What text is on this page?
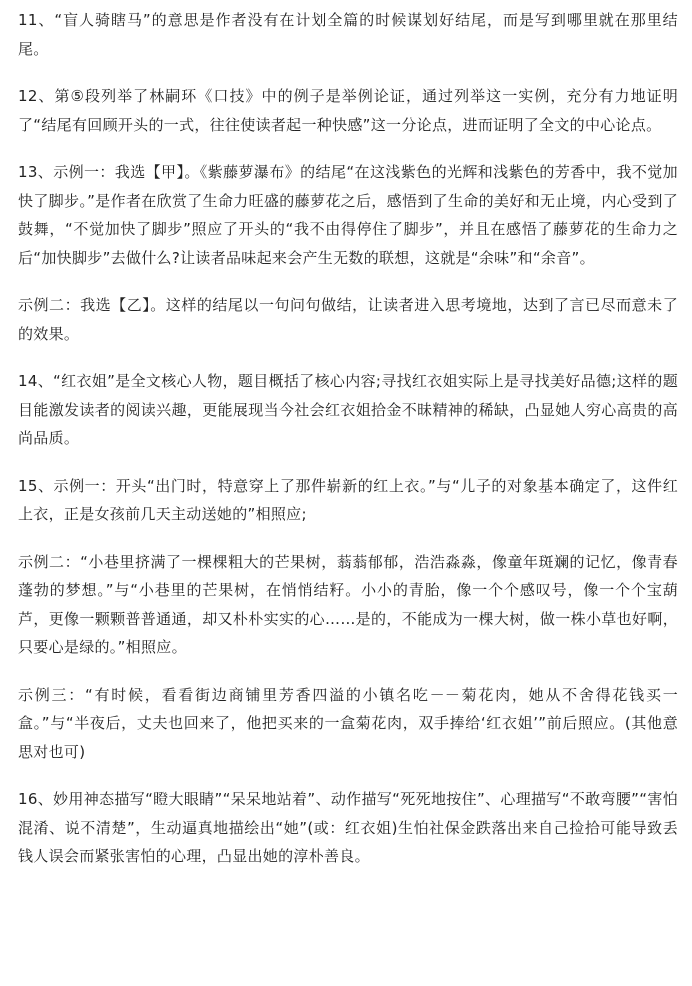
11、“盲人骑瞎马”的意思是作者没有在计划全篇的时候谋划好结尾，而是写到哪里就在那里结尾。

12、第⑤段列举了林嗣环《口技》中的例子是举例论证，通过列举这一实例，充分有力地证明了“结尾有回顾开头的一式，往往使读者起一种快感”这一分论点，进而证明了全文的中心论点。

13、示例一：我选【甲】。《紫藤萝瀑布》的结尾“在这浅紫色的光辉和浅紫色的芳香中，我不觉加快了脚步。”是作者在欣赏了生命力旺盛的藤萝花之后，感悟到了生命的美好和无止境，内心受到了鼓舞，“不觉加快了脚步”照应了开头的“我不由得停住了脚步”，并且在感悟了藤萝花的生命力之后“加快脚步”去做什么?让读者品味起来会产生无数的联想，这就是“余味”和“余音”。

示例二：我选【乙】。这样的结尾以一句问句做结，让读者进入思考境地，达到了言已尽而意未了的效果。

14、“红衣姐”是全文核心人物，题目概括了核心内容;寻找红衣姐实际上是寻找美好品德;这样的题目能激发读者的阅读兴趣，更能展现当今社会红衣姐拾金不昧精神的稀缺，凸显她人穷心高贵的高尚品质。

15、示例一：开头“出门时，特意穿上了那件崭新的红上衣。”与“儿子的对象基本确定了，这件红上衣，正是女孩前几天主动送她的”相照应;

示例二：“小巷里挤满了一棵棵粗大的芒果树，蓊蓊郁郁，浩浩淼淼，像童年斑斓的记忆，像青春蓬勃的梦想。”与“小巷里的芒果树，在悄悄结籽。小小的青胎，像一个个感叹号，像一个个宝葫芦，更像一颗颗普普通通，却又朴朴实实的心……是的，不能成为一棵大树，做一株小草也好啊，只要心是绿的。”相照应。

示例三：“有时候，看看街边商铺里芳香四溢的小镇名吃－－菊花肉，她从不舍得花钱买一盒。”与“半夜后，丈夫也回来了，他把买来的一盒菊花肉，双手捧给‘红衣姐’”前后照应。(其他意思对也可)

16、妙用神态描写“瞪大眼睛”“呆呆地站着”、动作描写“死死地按住”、心理描写“不敢弯腰”“害怕混淆、说不清楚”，生动逼真地描绘出“她”(或：红衣姐)生怕社保金跌落出来自己捡拾可能导致丢钱人误会而紧张害怕的心理，凸显出她的淳朴善良。
